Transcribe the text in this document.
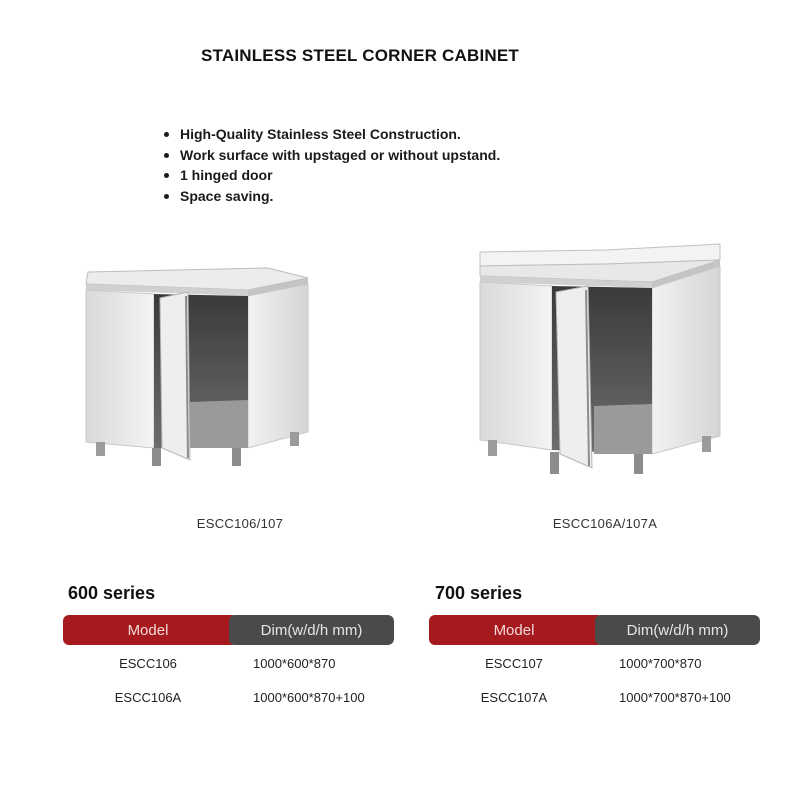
STAINLESS STEEL CORNER CABINET
High-Quality Stainless Steel Construction.
Work surface with upstaged or without upstand.
1 hinged door
Space saving.
ESCC106/107	ESCC106A/107A
600 series
Model	Dim(w/d/h mm)
ESCC106	1000*600*870
ESCC106A	1000*600*870+100
700 series
Model	Dim(w/d/h mm)
ESCC107	1000*700*870
ESCC107A	1000*700*870+100
